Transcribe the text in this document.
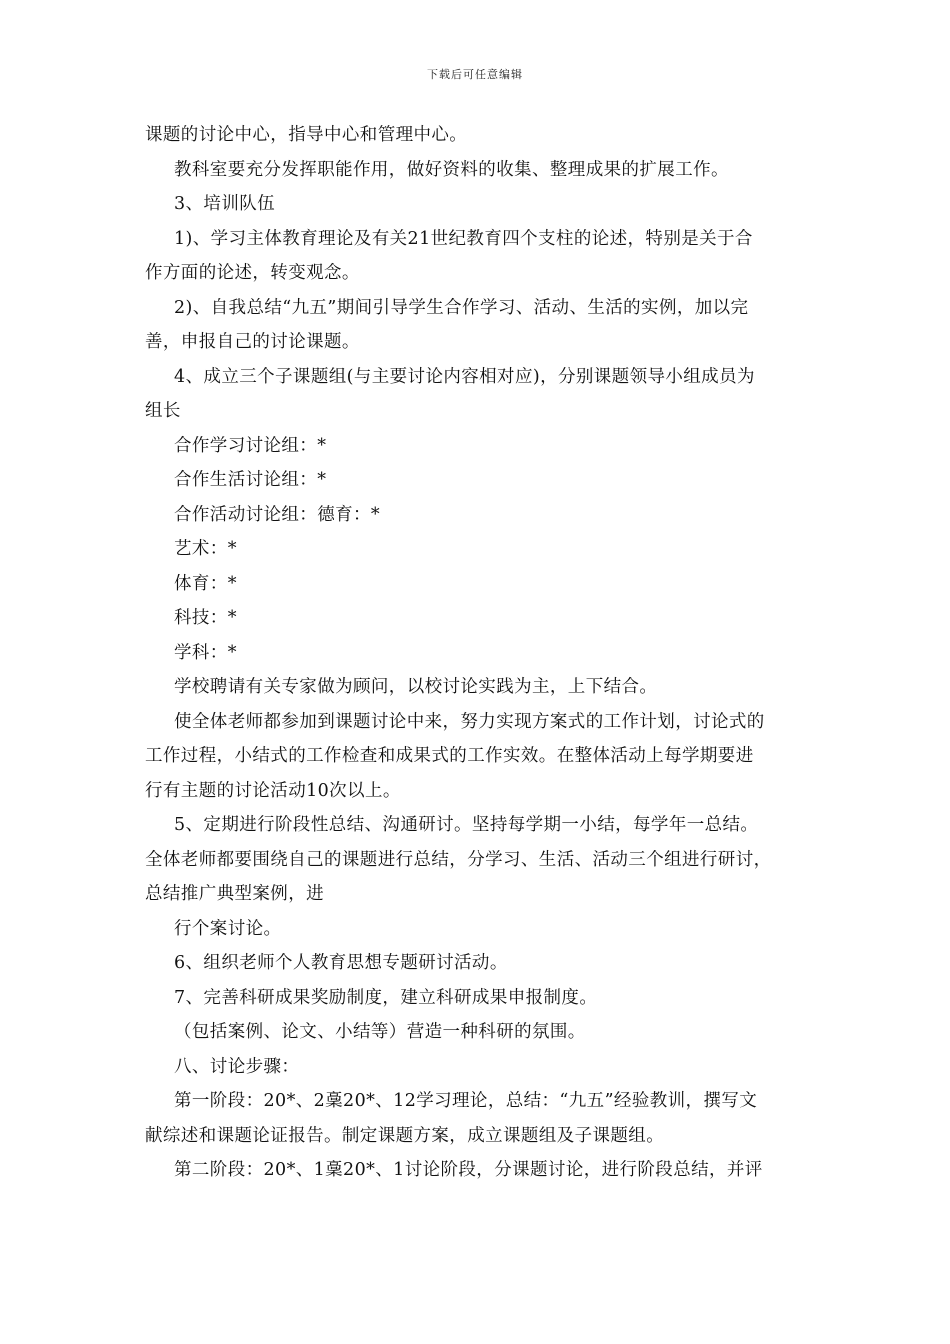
下载后可任意编辑
课题的讨论中心，指导中心和管理中心。
教科室要充分发挥职能作用，做好资料的收集、整理成果的扩展工作。
3、培训队伍
1)、学习主体教育理论及有关21世纪教育四个支柱的论述，特别是关于合
作方面的论述，转变观念。
2)、自我总结“九五”期间引导学生合作学习、活动、生活的实例，加以完
善，申报自己的讨论课题。
4、成立三个子课题组(与主要讨论内容相对应)，分别课题领导小组成员为
组长
合作学习讨论组：*
合作生活讨论组：*
合作活动讨论组：德育：*
艺术：*
体育：*
科技：*
学科：*
学校聘请有关专家做为顾问，以校讨论实践为主，上下结合。
使全体老师都参加到课题讨论中来，努力实现方案式的工作计划，讨论式的
工作过程，小结式的工作检查和成果式的工作实效。在整体活动上每学期要进
行有主题的讨论活动10次以上。
5、定期进行阶段性总结、沟通研讨。坚持每学期一小结，每学年一总结。
全体老师都要围绕自己的课题进行总结，分学习、生活、活动三个组进行研讨，
总结推广典型案例，进
行个案讨论。
6、组织老师个人教育思想专题研讨活动。
7、完善科研成果奖励制度，建立科研成果申报制度。
（包括案例、论文、小结等）营造一种科研的氛围。
八、讨论步骤：
第一阶段：20*、2稾20*、12学习理论，总结：“九五”经验教训，撰写文
献综述和课题论证报告。制定课题方案，成立课题组及子课题组。
第二阶段：20*、1稾20*、1讨论阶段，分课题讨论，进行阶段总结，并评
